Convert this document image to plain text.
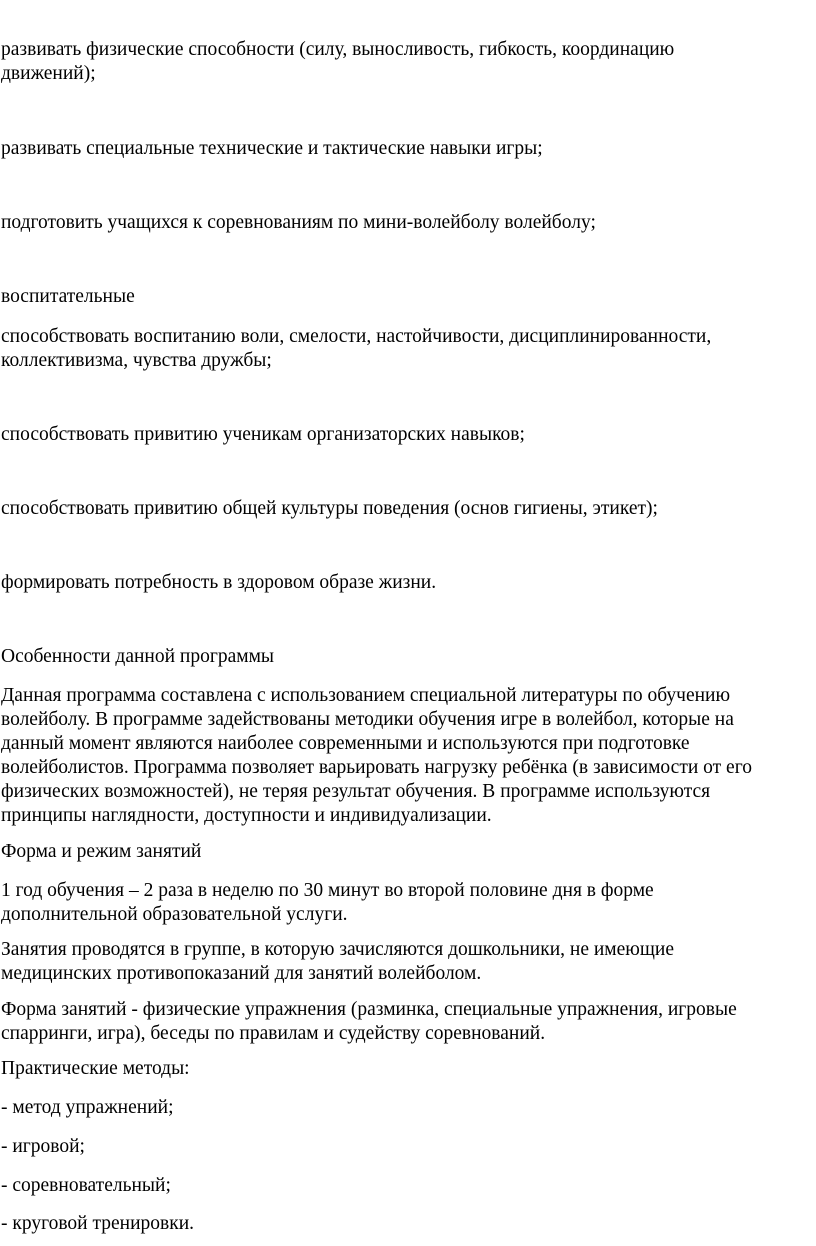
развивать физические способности (силу, выносливость, гибкость, координацию
движений);

развивать специальные технические и тактические навыки игры;

подготовить учащихся к соревнованиям по мини-волейболу волейболу;

воспитательные

способствовать воспитанию воли, смелости, настойчивости, дисциплинированности,
коллективизма, чувства дружбы;

способствовать привитию ученикам организаторских навыков;

способствовать привитию общей культуры поведения (основ гигиены, этикет);

формировать потребность в здоровом образе жизни.

Особенности данной программы

Данная программа составлена с использованием специальной литературы по обучению
волейболу. В программе задействованы методики обучения игре в волейбол, которые на
данный момент являются наиболее современными и используются при подготовке
волейболистов. Программа позволяет варьировать нагрузку ребёнка (в зависимости от его
физических возможностей), не теряя результат обучения. В программе используются
принципы наглядности, доступности и индивидуализации.

Форма и режим занятий

1 год обучения – 2 раза в неделю по 30 минут во второй половине дня в форме
дополнительной образовательной услуги.

Занятия проводятся в группе, в которую зачисляются дошкольники, не имеющие
медицинских противопоказаний для занятий волейболом.

Форма занятий - физические упражнения (разминка, специальные упражнения, игровые
спарринги, игра), беседы по правилам и судейству соревнований.

Практические методы:

- метод упражнений;

- игровой;

- соревновательный;

- круговой тренировки.
